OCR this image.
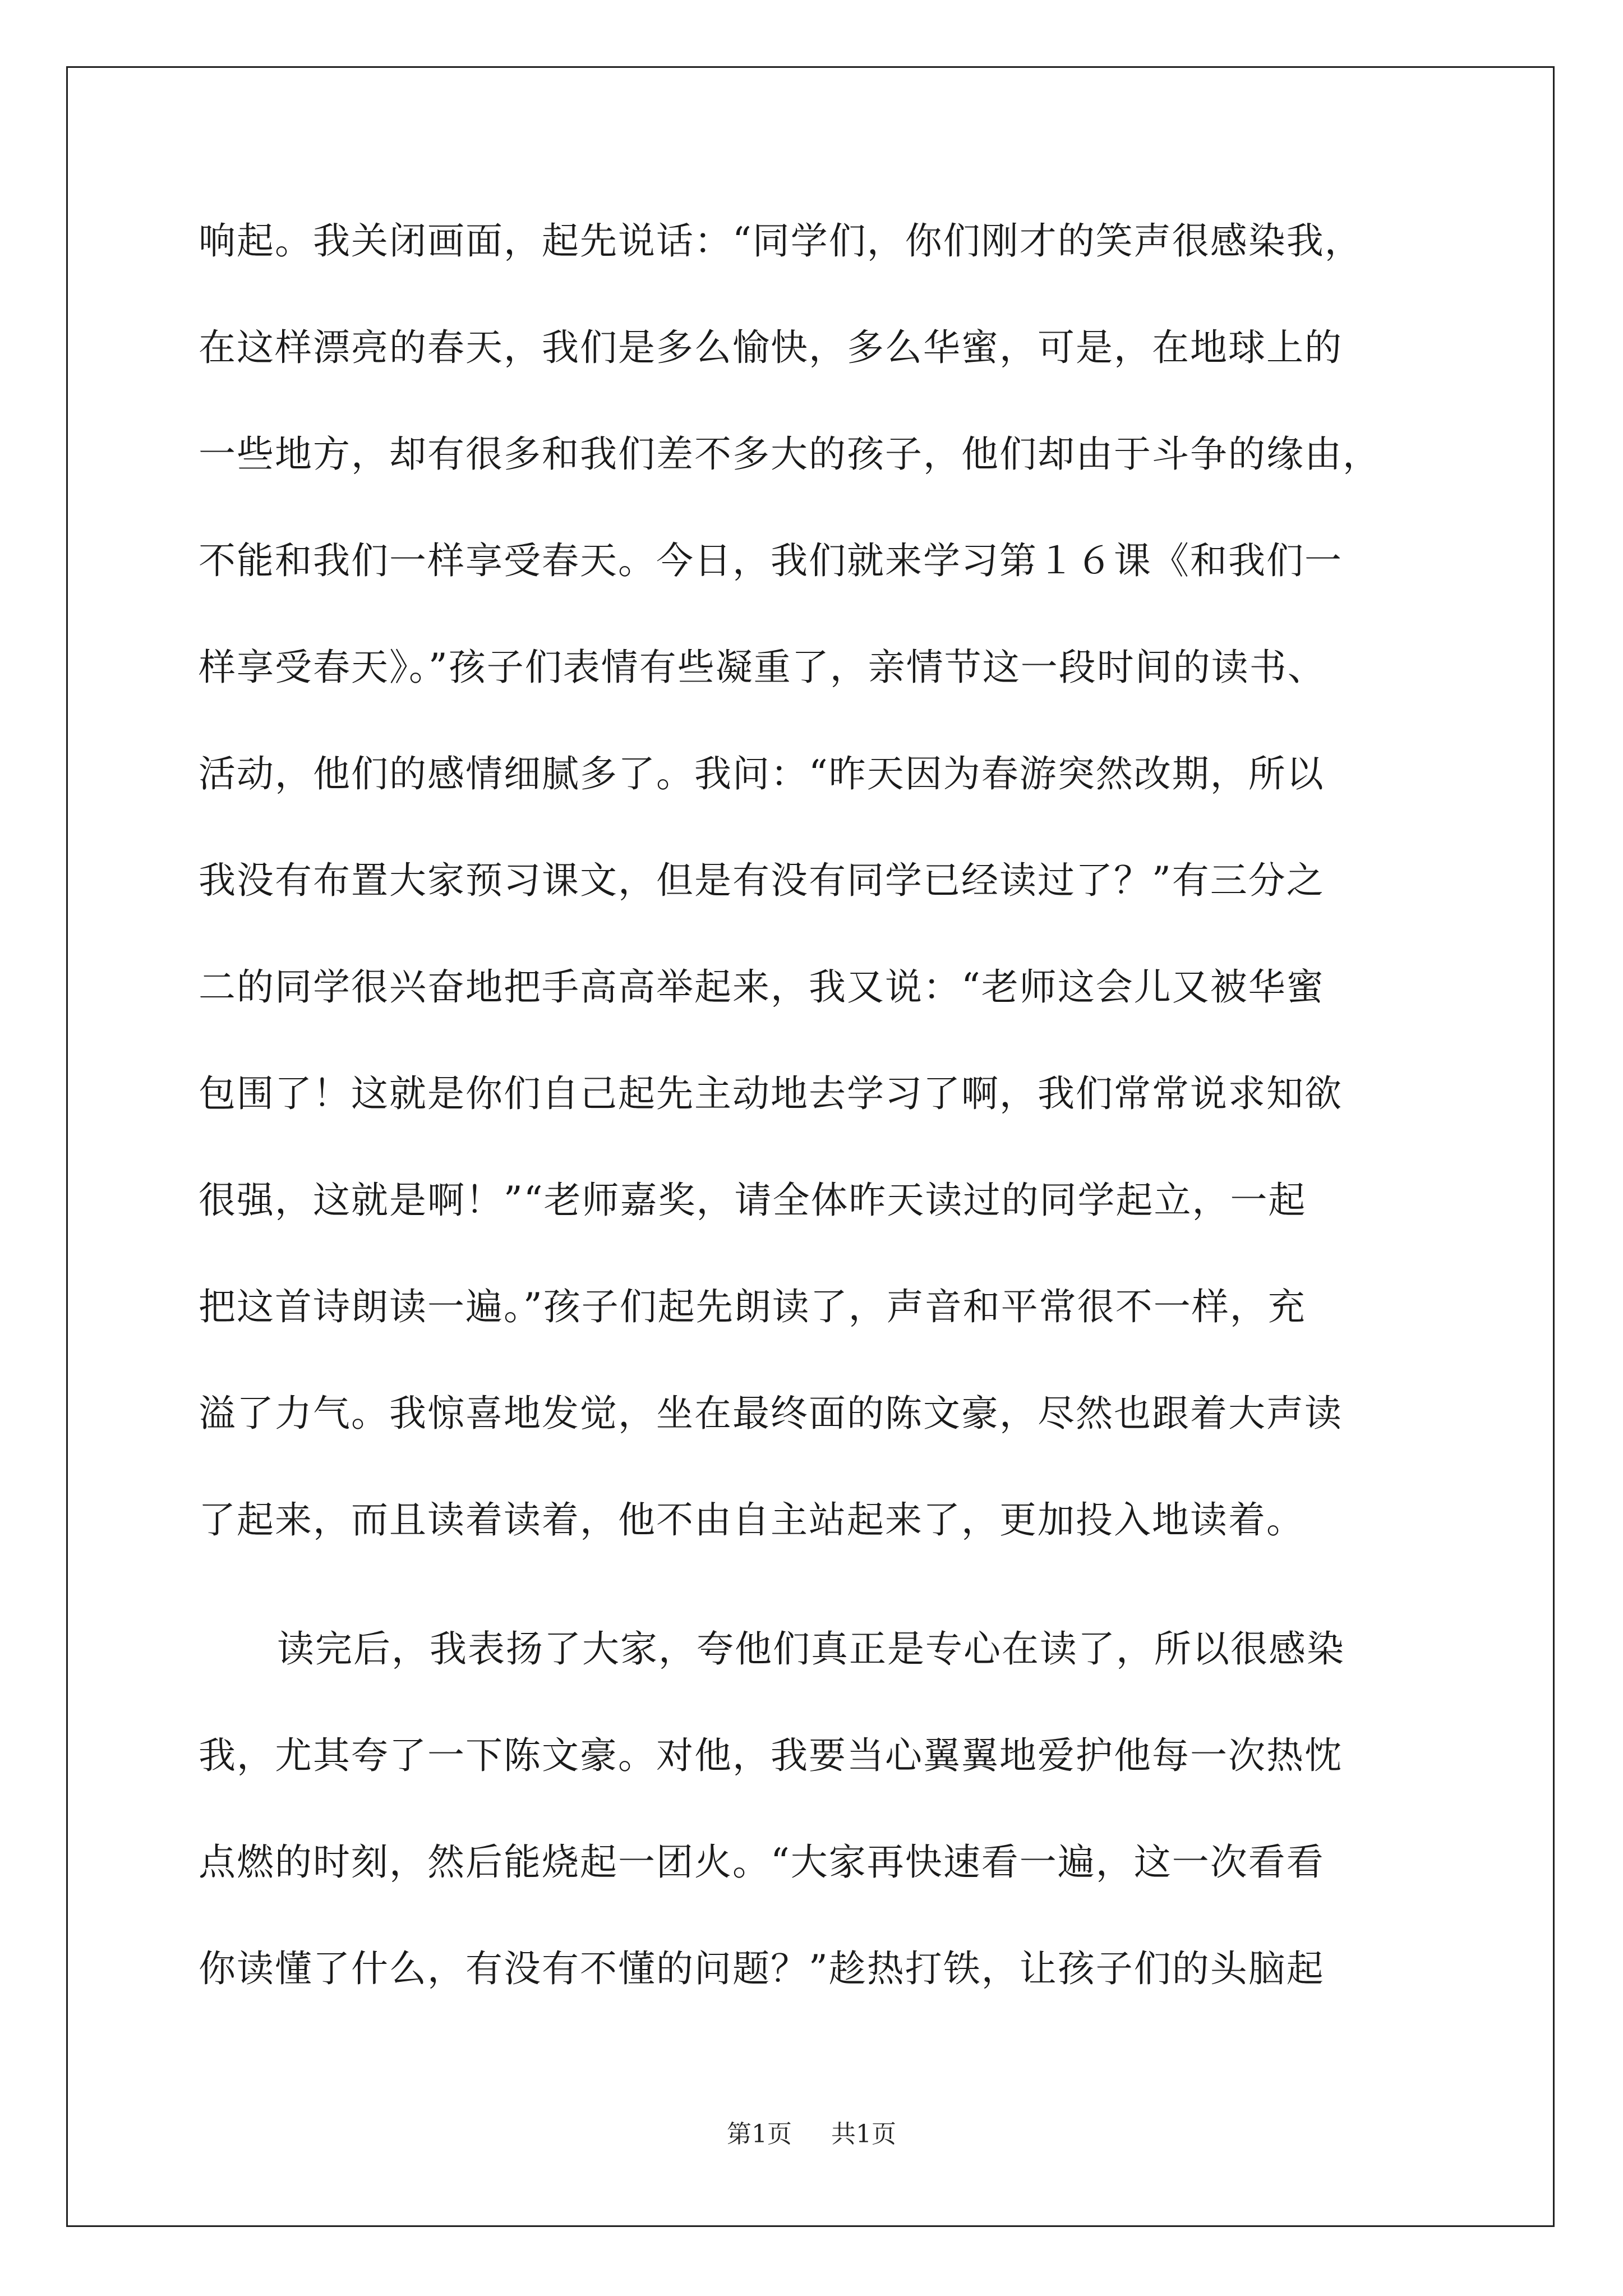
响起。我关闭画面，起先说话：“同学们，你们刚才的笑声很感染我，
在这样漂亮的春天，我们是多么愉快，多么华蜜，可是，在地球上的
一些地方，却有很多和我们差不多大的孩子，他们却由于斗争的缘由，
不能和我们一样享受春天。今日，我们就来学习第１６课《和我们一
样享受春天》。”孩子们表情有些凝重了，亲情节这一段时间的读书、
活动，他们的感情细腻多了。我问：“昨天因为春游突然改期，所以
我没有布置大家预习课文，但是有没有同学已经读过了？”有三分之
二的同学很兴奋地把手高高举起来，我又说：“老师这会儿又被华蜜
包围了！这就是你们自己起先主动地去学习了啊，我们常常说求知欲
很强，这就是啊！”“老师嘉奖，请全体昨天读过的同学起立，一起
把这首诗朗读一遍。”孩子们起先朗读了，声音和平常很不一样，充
溢了力气。我惊喜地发觉，坐在最终面的陈文豪，尽然也跟着大声读
了起来，而且读着读着，他不由自主站起来了，更加投入地读着。
读完后，我表扬了大家，夸他们真正是专心在读了，所以很感染
我，尤其夸了一下陈文豪。对他，我要当心翼翼地爱护他每一次热忱
点燃的时刻，然后能烧起一团火。“大家再快速看一遍，这一次看看
你读懂了什么，有没有不懂的问题？”趁热打铁，让孩子们的头脑起
第1页 共1页
